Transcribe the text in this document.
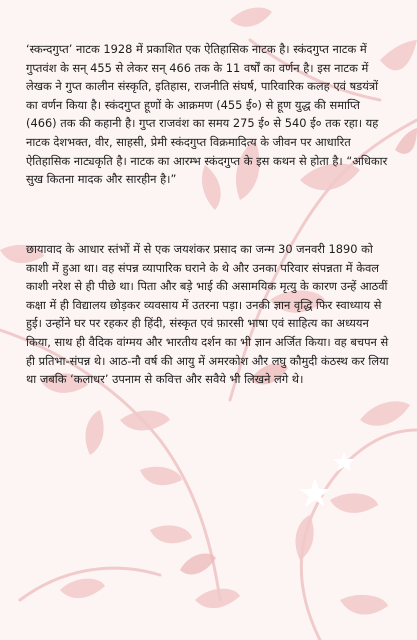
‘स्कन्दगुप्त’ नाटक 1928 में प्रकाशित एक ऐतिहासिक नाटक है। स्कंदगुप्त नाटक में गुप्तवंश के सन् 455 से लेकर सन् 466 तक के 11 वर्षों का वर्णन है। इस नाटक में लेखक ने गुप्त कालीन संस्कृति, इतिहास, राजनीति संघर्ष, पारिवारिक कलह एवं षडयंत्रों का वर्णन किया है। स्कंदगुप्त हूणों के आक्रमण (455 ई०) से हूण युद्ध की समाप्ति (466) तक की कहानी है। गुप्त राजवंश का समय 275 ई० से 540 ई० तक रहा। यह नाटक देशभक्त, वीर, साहसी, प्रेमी स्कंदगुप्त विक्रमादित्य के जीवन पर आधारित ऐतिहासिक नाट्यकृति है। नाटक का आरम्भ स्कंदगुप्त के इस कथन से होता है। “अधिकार सुख कितना मादक और सारहीन है।”

छायावाद के आधार स्तंभों में से एक जयशंकर प्रसाद का जन्म 30 जनवरी 1890 को काशी में हुआ था। वह संपन्न व्यापारिक घराने के थे और उनका परिवार संपन्नता में केवल काशी नरेश से ही पीछे था। पिता और बड़े भाई की असामयिक मृत्यु के कारण उन्हें आठवीं कक्षा में ही विद्यालय छोड़कर व्यवसाय में उतरना पड़ा। उनकी ज्ञान वृद्धि फिर स्वाध्याय से हुई। उन्होंने घर पर रहकर ही हिंदी, संस्कृत एवं फ़ारसी भाषा एवं साहित्य का अध्ययन किया, साथ ही वैदिक वांग्मय और भारतीय दर्शन का भी ज्ञान अर्जित किया। वह बचपन से ही प्रतिभा-संपन्न थे। आठ-नौ वर्ष की आयु में अमरकोश और लघु कौमुदी कंठस्थ कर लिया था जबकि ‘कलाधर’ उपनाम से कवित्त और सवैये भी लिखने लगे थे।
